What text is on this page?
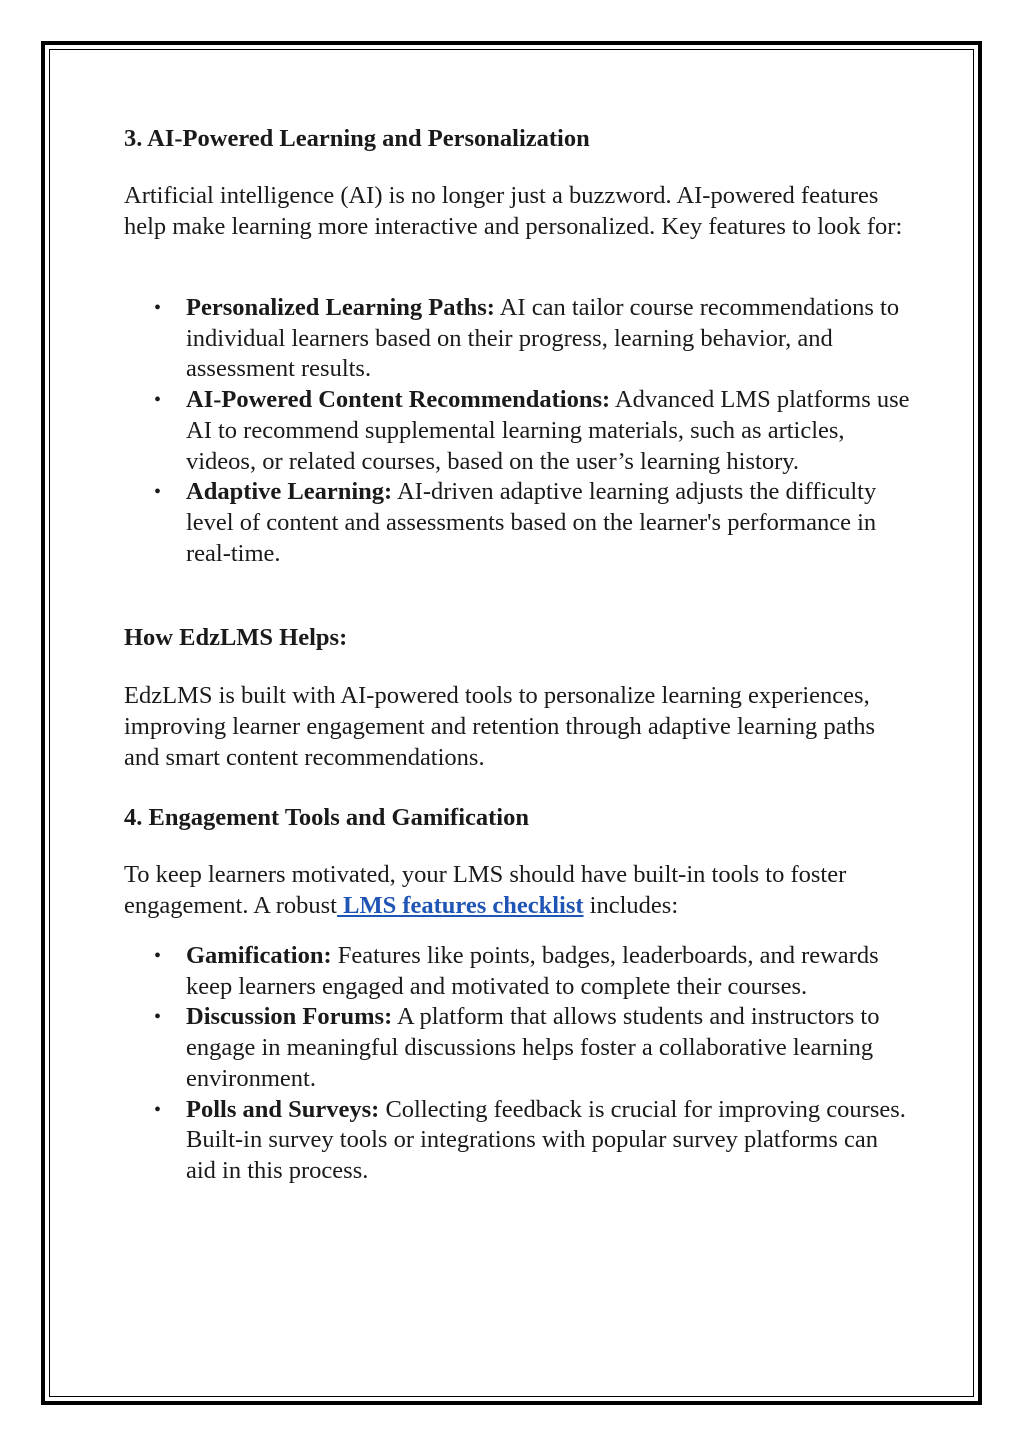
3. AI-Powered Learning and Personalization

Artificial intelligence (AI) is no longer just a buzzword. AI-powered features help make learning more interactive and personalized. Key features to look for:

• Personalized Learning Paths: AI can tailor course recommendations to individual learners based on their progress, learning behavior, and assessment results.
• AI-Powered Content Recommendations: Advanced LMS platforms use AI to recommend supplemental learning materials, such as articles, videos, or related courses, based on the user’s learning history.
• Adaptive Learning: AI-driven adaptive learning adjusts the difficulty level of content and assessments based on the learner's performance in real-time.
How EdzLMS Helps:

EdzLMS is built with AI-powered tools to personalize learning experiences, improving learner engagement and retention through adaptive learning paths and smart content recommendations.

4. Engagement Tools and Gamification

To keep learners motivated, your LMS should have built-in tools to foster engagement. A robust LMS features checklist includes:

• Gamification: Features like points, badges, leaderboards, and rewards keep learners engaged and motivated to complete their courses.
• Discussion Forums: A platform that allows students and instructors to engage in meaningful discussions helps foster a collaborative learning environment.
• Polls and Surveys: Collecting feedback is crucial for improving courses. Built-in survey tools or integrations with popular survey platforms can aid in this process.
